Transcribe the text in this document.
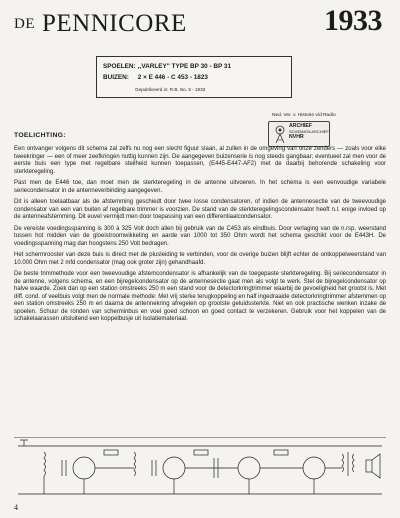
DE PENNICORE	1933
SPOELEN: ,,VARLEY" TYPE BP 30 - BP 31
BUIZEN: 2 × E 446 - C 453 - 1823
Gepubliceerd in: R.B. No. 5 - 1933
Ned. Ver. v. Historie v/d Radio
ARCHIEF
SCHEMATA ARCHIEF
NVHR
TOELICHTING:

Een ontvanger volgens dit schema zal zelfs nu nog een slecht figuur slaan, al zullen in de omgeving van onze zenders — zoals voor elke tweekringer — een of meer zeefkringen nuttig kunnen zijn. De aangegeven buizenserie is nog steeds gangbaar; eventueel zal men voor de eerste buis een type met regelbare steilheid kunnen toepassen, (E445-E447-AF2) met de daarbij behorende schakeling voor sterkteregeling.

Past men de E446 toe, dan moet men de sterkteregeling in de antenne uitvoeren. In het schema is een eenvoudige variabele seriecondensator in de antenneverbinding aangegeven.

Dit is alleen toelaatbaar als de afstemming geschiedt door twee losse condensatoren, of indien de antennesectie van de tweevoudige condensator van een van buiten af regelbare trimmer is voorzien. De stand van de sterkteregelingscondensator heeft n.l. enige invloed op de antenneafstemming. Dit euvel vermijdt men door toepassing van een differentiaalcondensator.

De vereiste voedingsspanning is 300 à 325 Volt doch allen bij gebruik van de C453 als eindbuis. Door verlaging van de n.rsp. weerstand tussen hot midden van de gloeistroomwikkeling en aarde van 1000 tot 350 Ohm wordt het schema geschikt voor de E443H. De voedingsspanning mag dan hoogstens 250 Volt bedragen.

Het schermrooster van deze buis is direct met de plusleiding te verbinden, voor de overige buizen blijft echter de ontkoppelweerstand van 10.000 Ohm met 2 mfd condensator (mag ook groter zijn) gehandhaafd.

De beste trimmethode voor een tweevoudige afstemcondensator is afhankelijk van de toegepaste sterkteregeling. Bij seriecondensator in de antenne, volgens schema, en een bijregelcondensator op de antennesectie gaat men als volgt te werk. Stel de bijregelcondensator op halve waarde. Zoek dan op een station omstreeks 250 m een stand voor de detectorkringtrimmer waarbij de gevoeligheid het grootst is. Met diff. cond. of veelbuis volgt men de normale methode: Met vrij sterke terugkoppeling en half ingedraaide detectorkringtrimmer afstemmen op een station omstreeks 250 m en daarna de antennekring afregelen op grootste geluidssterkte. Niet en ook practische wenken inzake de spoelen. Schuur de ronden van scherminbus en voel goed schoon en goed contact te verzekeren. Gebruik voor het koppelen van de schakelaarassen uitsluitend een koppelbusje uit isolatiemateriaal.

4
